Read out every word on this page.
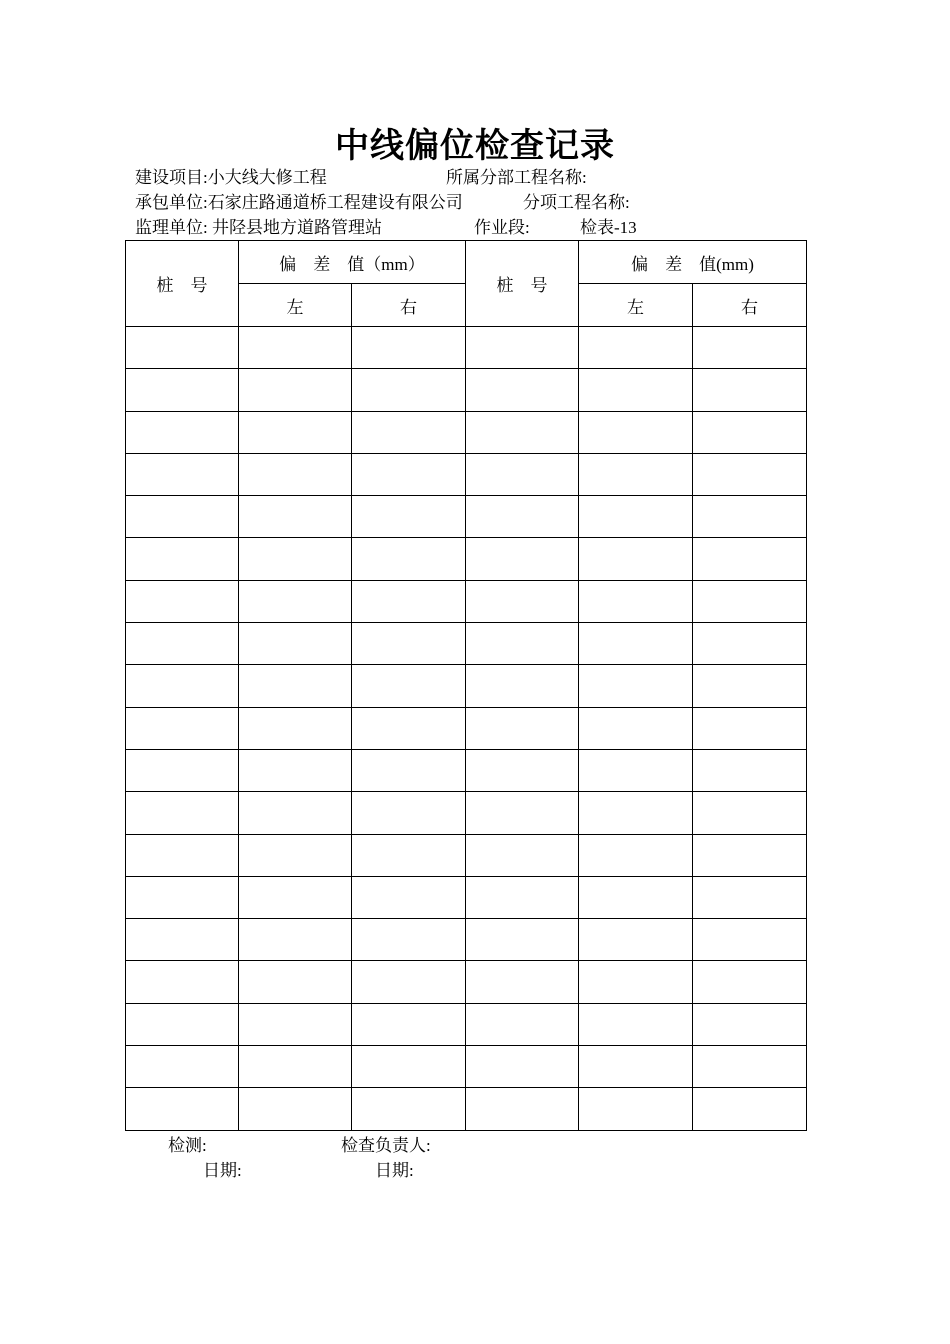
中线偏位检查记录
建设项目:小大线大修工程	所属分部工程名称:
承包单位:石家庄路通道桥工程建设有限公司	分项工程名称:
监理单位: 井陉县地方道路管理站	作业段:	检表-13
桩　号	偏　差　值（mm）		桩　号	偏　差　值(mm)	
	左	右		左	右

检测:	检查负责人:
日期:	日期:
